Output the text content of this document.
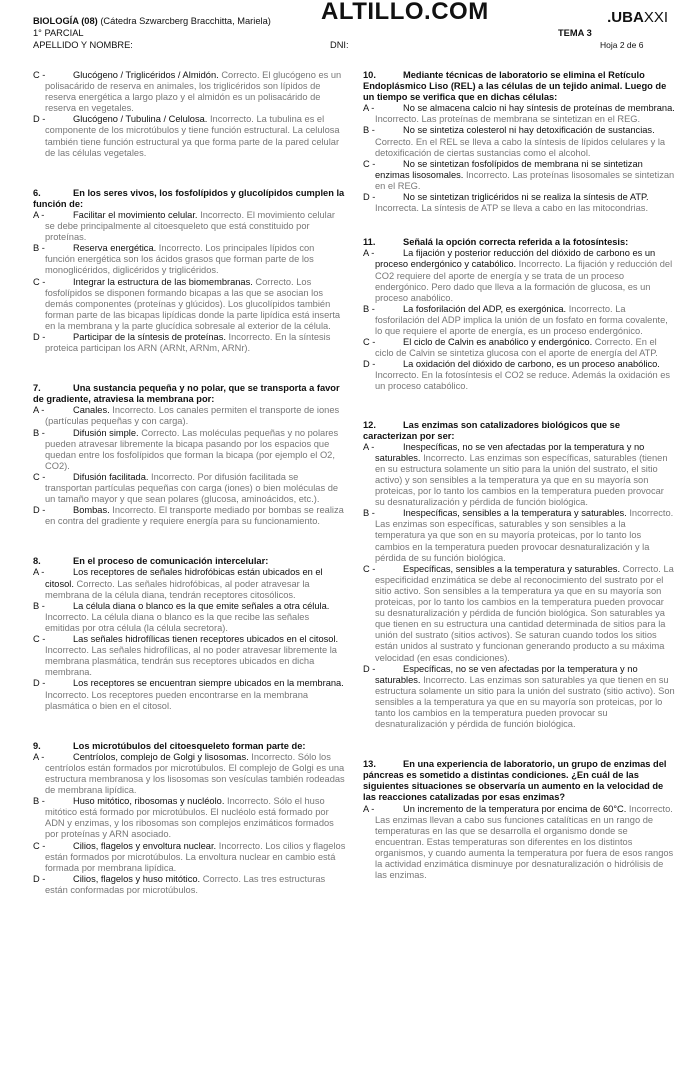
BIOLOGÍA (08) (Cátedra Szwarcberg Bracchitta, Mariela)
1° PARCIAL
APELLIDO Y NOMBRE:	DNI:
ALTILLO.COM	.UBAXXI
TEMA 3
Hoja 2 de 6
C -	Glucógeno / Triglicéridos / Almidón. Correcto. El glucógeno es un polisacárido de reserva en animales, los triglicéridos son lípidos de reserva energética a largo plazo y el almidón es un polisacárido de reserva en vegetales.
D -	Glucógeno / Tubulina / Celulosa. Incorrecto. La tubulina es el componente de los microtúbulos y tiene función estructural. La celulosa también tiene función estructural ya que forma parte de la pared celular de las células vegetales.
6.	En los seres vivos, los fosfolípidos y glucolípidos cumplen la función de:
A -	Facilitar el movimiento celular. Incorrecto. El movimiento celular se debe principalmente al citoesqueleto que está constituido por proteínas.
B -	Reserva energética. Incorrecto. Los principales lípidos con función energética son los ácidos grasos que forman parte de los monoglicéridos, diglicéridos y triglicéridos.
C -	Integrar la estructura de las biomembranas. Correcto. Los fosfolípidos se disponen formando bicapas a las que se asocian los demás componentes (proteínas y glúcidos). Los glucolípidos también forman parte de las bicapas lipídicas donde la parte lipídica está inserta en la membrana y la parte glucídica sobresale al exterior de la célula.
D -	Participar de la síntesis de proteínas. Incorrecto. En la síntesis proteica participan los ARN (ARNt, ARNm, ARNr).
7.	Una sustancia pequeña y no polar, que se transporta a favor de gradiente, atraviesa la membrana por:
A -	Canales. Incorrecto. Los canales permiten el transporte de iones (partículas pequeñas y con carga).
B -	Difusión simple. Correcto. Las moléculas pequeñas y no polares pueden atravesar libremente la bicapa pasando por los espacios que quedan entre los fosfolípidos que forman la bicapa (por ejemplo el O2, CO2).
C -	Difusión facilitada. Incorrecto. Por difusión facilitada se transportan partículas pequeñas con carga (iones) o bien moléculas de un tamaño mayor y que sean polares (glucosa, aminoácidos, etc.).
D -	Bombas. Incorrecto. El transporte mediado por bombas se realiza en contra del gradiente y requiere energía para su funcionamiento.
8.	En el proceso de comunicación intercelular:
A -	Los receptores de señales hidrofóbicas están ubicados en el citosol. Correcto. Las señales hidrofóbicas, al poder atravesar la membrana de la célula diana, tendrán receptores citosólicos.
B -	La célula diana o blanco es la que emite señales a otra célula. Incorrecto. La célula diana o blanco es la que recibe las señales emitidas por otra célula (la célula secretora).
C -	Las señales hidrofílicas tienen receptores ubicados en el citosol. Incorrecto. Las señales hidrofílicas, al no poder atravesar libremente la membrana plasmática, tendrán sus receptores ubicados en dicha membrana.
D -	Los receptores se encuentran siempre ubicados en la membrana. Incorrecto. Los receptores pueden encontrarse en la membrana plasmática o bien en el citosol.
9.	Los microtúbulos del citoesqueleto forman parte de:
A -	Centríolos, complejo de Golgi y lisosomas. Incorrecto. Sólo los centríolos están formados por microtúbulos. El complejo de Golgi es una estructura membranosa y los lisosomas son vesículas también rodeadas de membrana lipídica.
B -	Huso mitótico, ribosomas y nucléolo. Incorrecto. Sólo el huso mitótico está formado por microtúbulos. El nucléolo está formado por ADN y enzimas, y los ribosomas son complejos enzimáticos formados por proteínas y ARN asociado.
C -	Cilios, flagelos y envoltura nuclear. Incorrecto. Los cilios y flagelos están formados por microtúbulos. La envoltura nuclear en cambio está formada por membrana lipídica.
D -	Cilios, flagelos y huso mitótico. Correcto. Las tres estructuras están conformadas por microtúbulos.
10.	Mediante técnicas de laboratorio se elimina el Retículo Endoplásmico Liso (REL) a las células de un tejido animal. Luego de un tiempo se verifica que en dichas células:
A -	No se almacena calcio ni hay síntesis de proteínas de membrana. Incorrecto. Las proteínas de membrana se sintetizan en el REG.
B -	No se sintetiza colesterol ni hay detoxificación de sustancias. Correcto. En el REL se lleva a cabo la síntesis de lípidos celulares y la detoxificación de ciertas sustancias como el alcohol.
C -	No se sintetizan fosfolípidos de membrana ni se sintetizan enzimas lisosomales. Incorrecto. Las proteínas lisosomales se sintetizan en el REG.
D -	No se sintetizan triglicéridos ni se realiza la síntesis de ATP. Incorrecta. La síntesis de ATP se lleva a cabo en las mitocondrias.
11.	Señalá la opción correcta referida a la fotosíntesis:
A -	La fijación y posterior reducción del dióxido de carbono es un proceso endergónico y catabólico. Incorrecto. La fijación y reducción del CO2 requiere del aporte de energía y se trata de un proceso endergónico. Pero dado que lleva a la formación de glucosa, es un proceso anabólico.
B -	La fosforilación del ADP, es exergónica. Incorrecto. La fosforilación del ADP implica la unión de un fosfato en forma covalente, lo que requiere el aporte de energía, es un proceso endergónico.
C -	El ciclo de Calvin es anabólico y endergónico. Correcto. En el ciclo de Calvin se sintetiza glucosa con el aporte de energía del ATP.
D -	La oxidación del dióxido de carbono, es un proceso anabólico. Incorrecto. En la fotosíntesis el CO2 se reduce. Además la oxidación es un proceso catabólico.
12.	Las enzimas son catalizadores biológicos que se caracterizan por ser:
A -	Inespecíficas, no se ven afectadas por la temperatura y no saturables. Incorrecto. Las enzimas son específicas, saturables (tienen en su estructura solamente un sitio para la unión del sustrato, el sitio activo) y son sensibles a la temperatura ya que en su mayoría son proteicas, por lo tanto los cambios en la temperatura pueden provocar su desnaturalización y pérdida de función biológica.
B -	Inespecíficas, sensibles a la temperatura y saturables. Incorrecto. Las enzimas son específicas, saturables y son sensibles a la temperatura ya que son en su mayoría proteicas, por lo tanto los cambios en la temperatura pueden provocar desnaturalización y la pérdida de su función biológica.
C -	Específicas, sensibles a la temperatura y saturables. Correcto. La especificidad enzimática se debe al reconocimiento del sustrato por el sitio activo. Son sensibles a la temperatura ya que en su mayoría son proteicas, por lo tanto los cambios en la temperatura pueden provocar su desnaturalización y pérdida de función biológica. Son saturables ya que tienen en su estructura una cantidad determinada de sitios para la unión del sustrato (sitios activos). Se saturan cuando todos los sitios están unidos al sustrato y funcionan generando producto a su máxima velocidad (en esas condiciones).
D -	Específicas, no se ven afectadas por la temperatura y no saturables. Incorrecto. Las enzimas son saturables ya que tienen en su estructura solamente un sitio para la unión del sustrato (sitio activo). Son sensibles a la temperatura ya que en su mayoría son proteicas, por lo tanto los cambios en la temperatura pueden provocar su desnaturalización y pérdida de función biológica.
13.	En una experiencia de laboratorio, un grupo de enzimas del páncreas es sometido a distintas condiciones. ¿En cuál de las siguientes situaciones se observaría un aumento en la velocidad de las reacciones catalizadas por esas enzimas?
A -	Un incremento de la temperatura por encima de 60°C. Incorrecto. Las enzimas llevan a cabo sus funciones catalíticas en un rango de temperaturas en las que se desarrolla el organismo donde se encuentran. Estas temperaturas son diferentes en los distintos organismos, y cuando aumenta la temperatura por fuera de esos rangos la actividad enzimática disminuye por desnaturalización o hidrólisis de las enzimas.
